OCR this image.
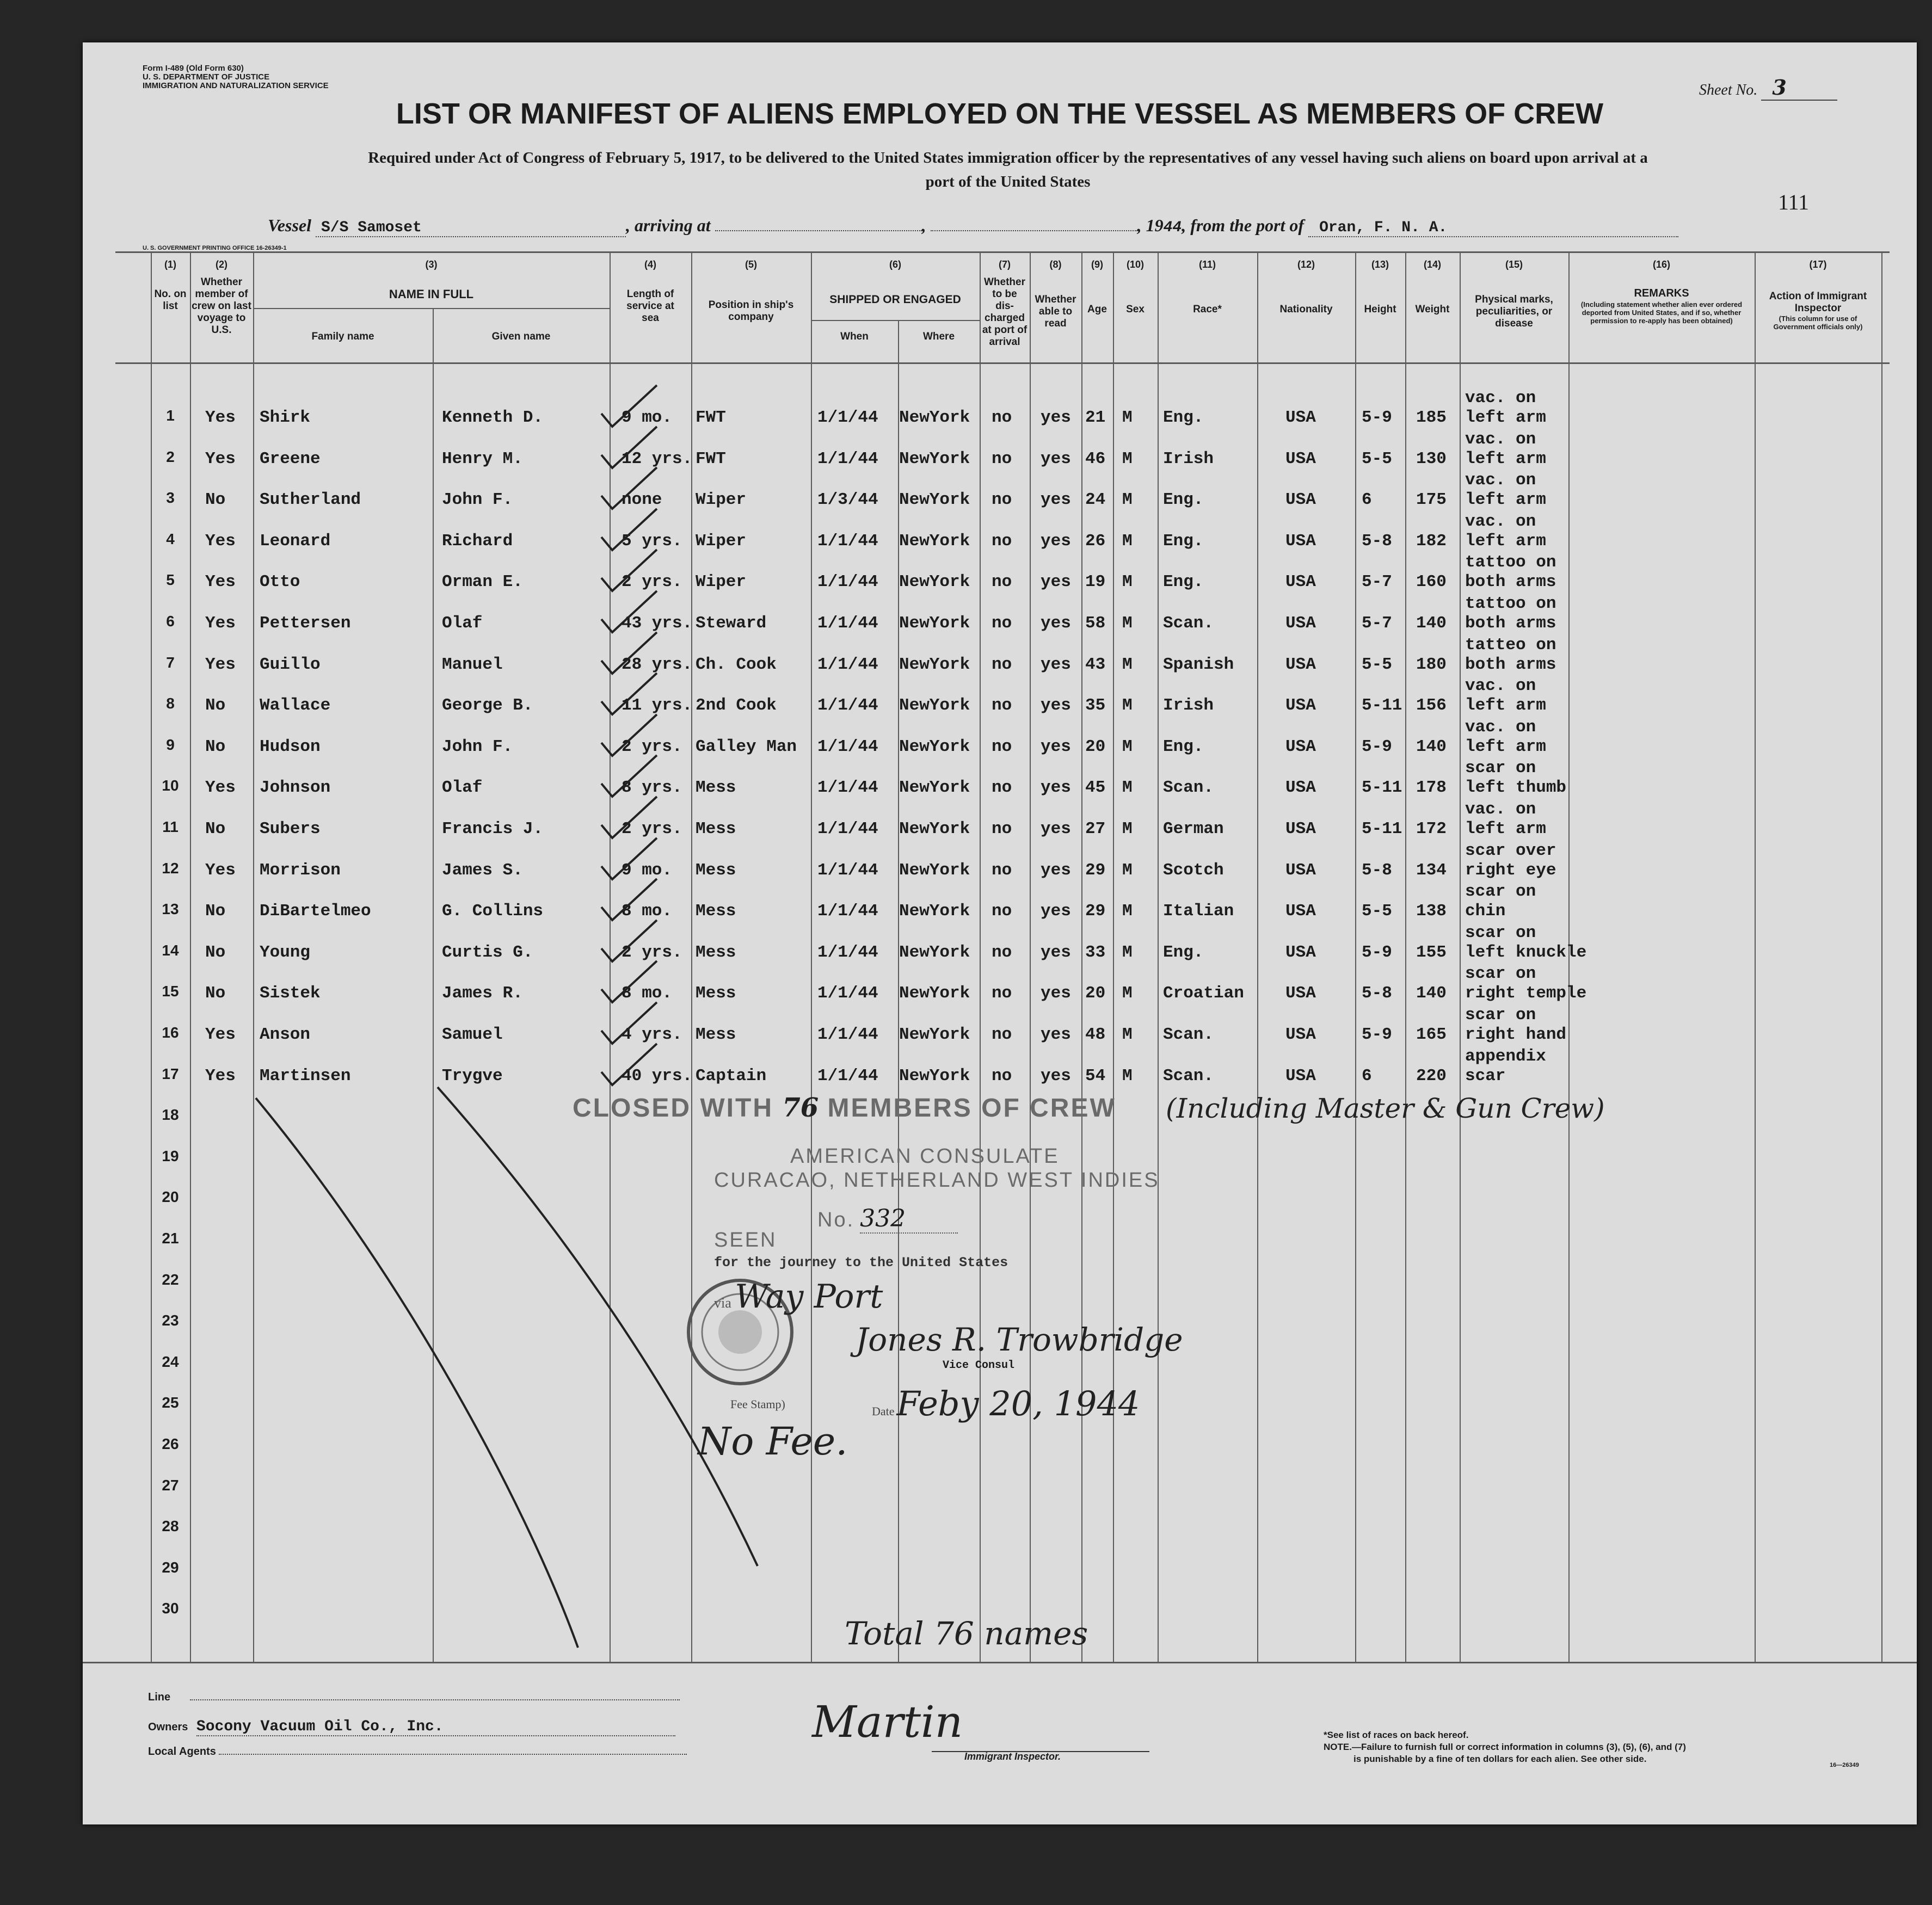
Form I-489 (Old Form 630)
U. S. DEPARTMENT OF JUSTICE
IMMIGRATION AND NATURALIZATION SERVICE	Sheet No. 3
LIST OR MANIFEST OF ALIENS EMPLOYED ON THE VESSEL AS MEMBERS OF CREW
Required under Act of Congress of February 5, 1917, to be delivered to the United States immigration officer by the representatives of any vessel having such aliens on board upon arrival at a
port of the United States
111
Vessel S/S Samoset	, arriving at	,	, 1944, from the port of Oran, F. N. A.
U. S. GOVERNMENT PRINTING OFFICE 16-26349-1
(1)
No. on list
(2)
Whether member of crew on last voyage to U.S.
(3)
NAME IN FULL
Family name	Given name
(4)
Length of service at sea
(5)
Position in ship's company
(6)
SHIPPED OR ENGAGED
When	Where
(7)
Whether to be dis-charged at port of arrival
(8)
Whether able to read
(9)
Age
(10)
Sex
(11)
Race*
(12)
Nationality
(13)
Height
(14)
Weight
(15)
Physical marks, peculiarities, or disease
(16)
REMARKS
(Including statement whether alien ever ordered deported from United States, and if so, whether permission to re-apply has been obtained)
(17)
Action of Immigrant Inspector
(This column for use of Government officials only)
1	Yes Shirk	Kenneth D.	9 mo. FWT	1/1/44 NewYork no yes 21 M Eng.	USA	5-9 185
vac. on
left arm
2	Yes Greene	Henry M.	12 yrs. FWT	1/1/44 NewYork no yes 46 M Irish	USA	5-5 130
vac. on
left arm
3	No Sutherland	John F.	none Wiper	1/3/44 NewYork no yes 24 M Eng.	USA	6	175
vac. on
left arm
4	Yes Leonard	Richard	5 yrs. Wiper	1/1/44 NewYork no yes 26 M Eng.	USA	5-8 182
vac. on
left arm
5	Yes Otto	Orman E.	2 yrs. Wiper	1/1/44 NewYork no yes 19 M Eng.	USA	5-7 160
tattoo on
both arms
6	Yes Pettersen	Olaf	43 yrs. Steward	1/1/44 NewYork no yes 58 M Scan.	USA	5-7 140
tattoo on
both arms
7	Yes Guillo	Manuel	28 yrs. Ch. Cook 1/1/44 NewYork no yes 43 M Spanish	USA	5-5 180
tatteo on
both arms
8	No Wallace	George B.	11 yrs. 2nd Cook 1/1/44 NewYork no yes 35 M Irish	USA	5-11 156
vac. on
left arm
9	No Hudson	John F.	2 yrs. Galley Man 1/1/44 NewYork no yes 20 M Eng.	USA	5-9 140
vac. on
left arm
10	Yes Johnson	Olaf	8 yrs. Mess	1/1/44 NewYork no yes 45 M Scan.	USA	5-11 178
scar on
left thumb
11	No Subers	Francis J.	2 yrs. Mess	1/1/44 NewYork no yes 27 M German	USA	5-11 172
vac. on
left arm
12	Yes Morrison	James S.	9 mo. Mess	1/1/44 NewYork no yes 29 M Scotch	USA	5-8 134
scar over
right eye
13	No DiBartelmeo	G. Collins	8 mo. Mess	1/1/44 NewYork no yes 29 M Italian	USA	5-5 138
scar on
chin
14	No Young	Curtis G.	2 yrs. Mess	1/1/44 NewYork no yes 33 M Eng.	USA	5-9 155
scar on
left knuckle
15	No Sistek	James R.	8 mo. Mess	1/1/44 NewYork no yes 20 M Croatian USA	5-8 140
scar on
right temple
16	Yes Anson	Samuel	4 yrs. Mess	1/1/44 NewYork no yes 48 M Scan.	USA	5-9 165
scar on
right hand
17	Yes Martinsen	Trygve	40 yrs. Captain	1/1/44 NewYork no yes 54 M Scan.	USA	6	220
appendix
scar
18
19
20
21
22
23
24
25
26
27
28
29
30
CLOSED WITH 76 MEMBERS OF CREW (Including Master & Gun Crew)
AMERICAN CONSULATE
CURACAO, NETHERLAND WEST INDIES
No. 332
SEEN
for the journey to the United States
via Way Port
Jones R. Trowbridge
Vice Consul
Fee Stamp)
Date Feby 20, 1944
No Fee.
Total 76 names
Line
Owners Socony Vacuum Oil Co., Inc.
Local Agents
Martin
Immigrant Inspector.
*See list of races on back hereof.
NOTE.—Failure to furnish full or correct information in columns (3), (5), (6), and (7)
is punishable by a fine of ten dollars for each alien. See other side.
16—26349
